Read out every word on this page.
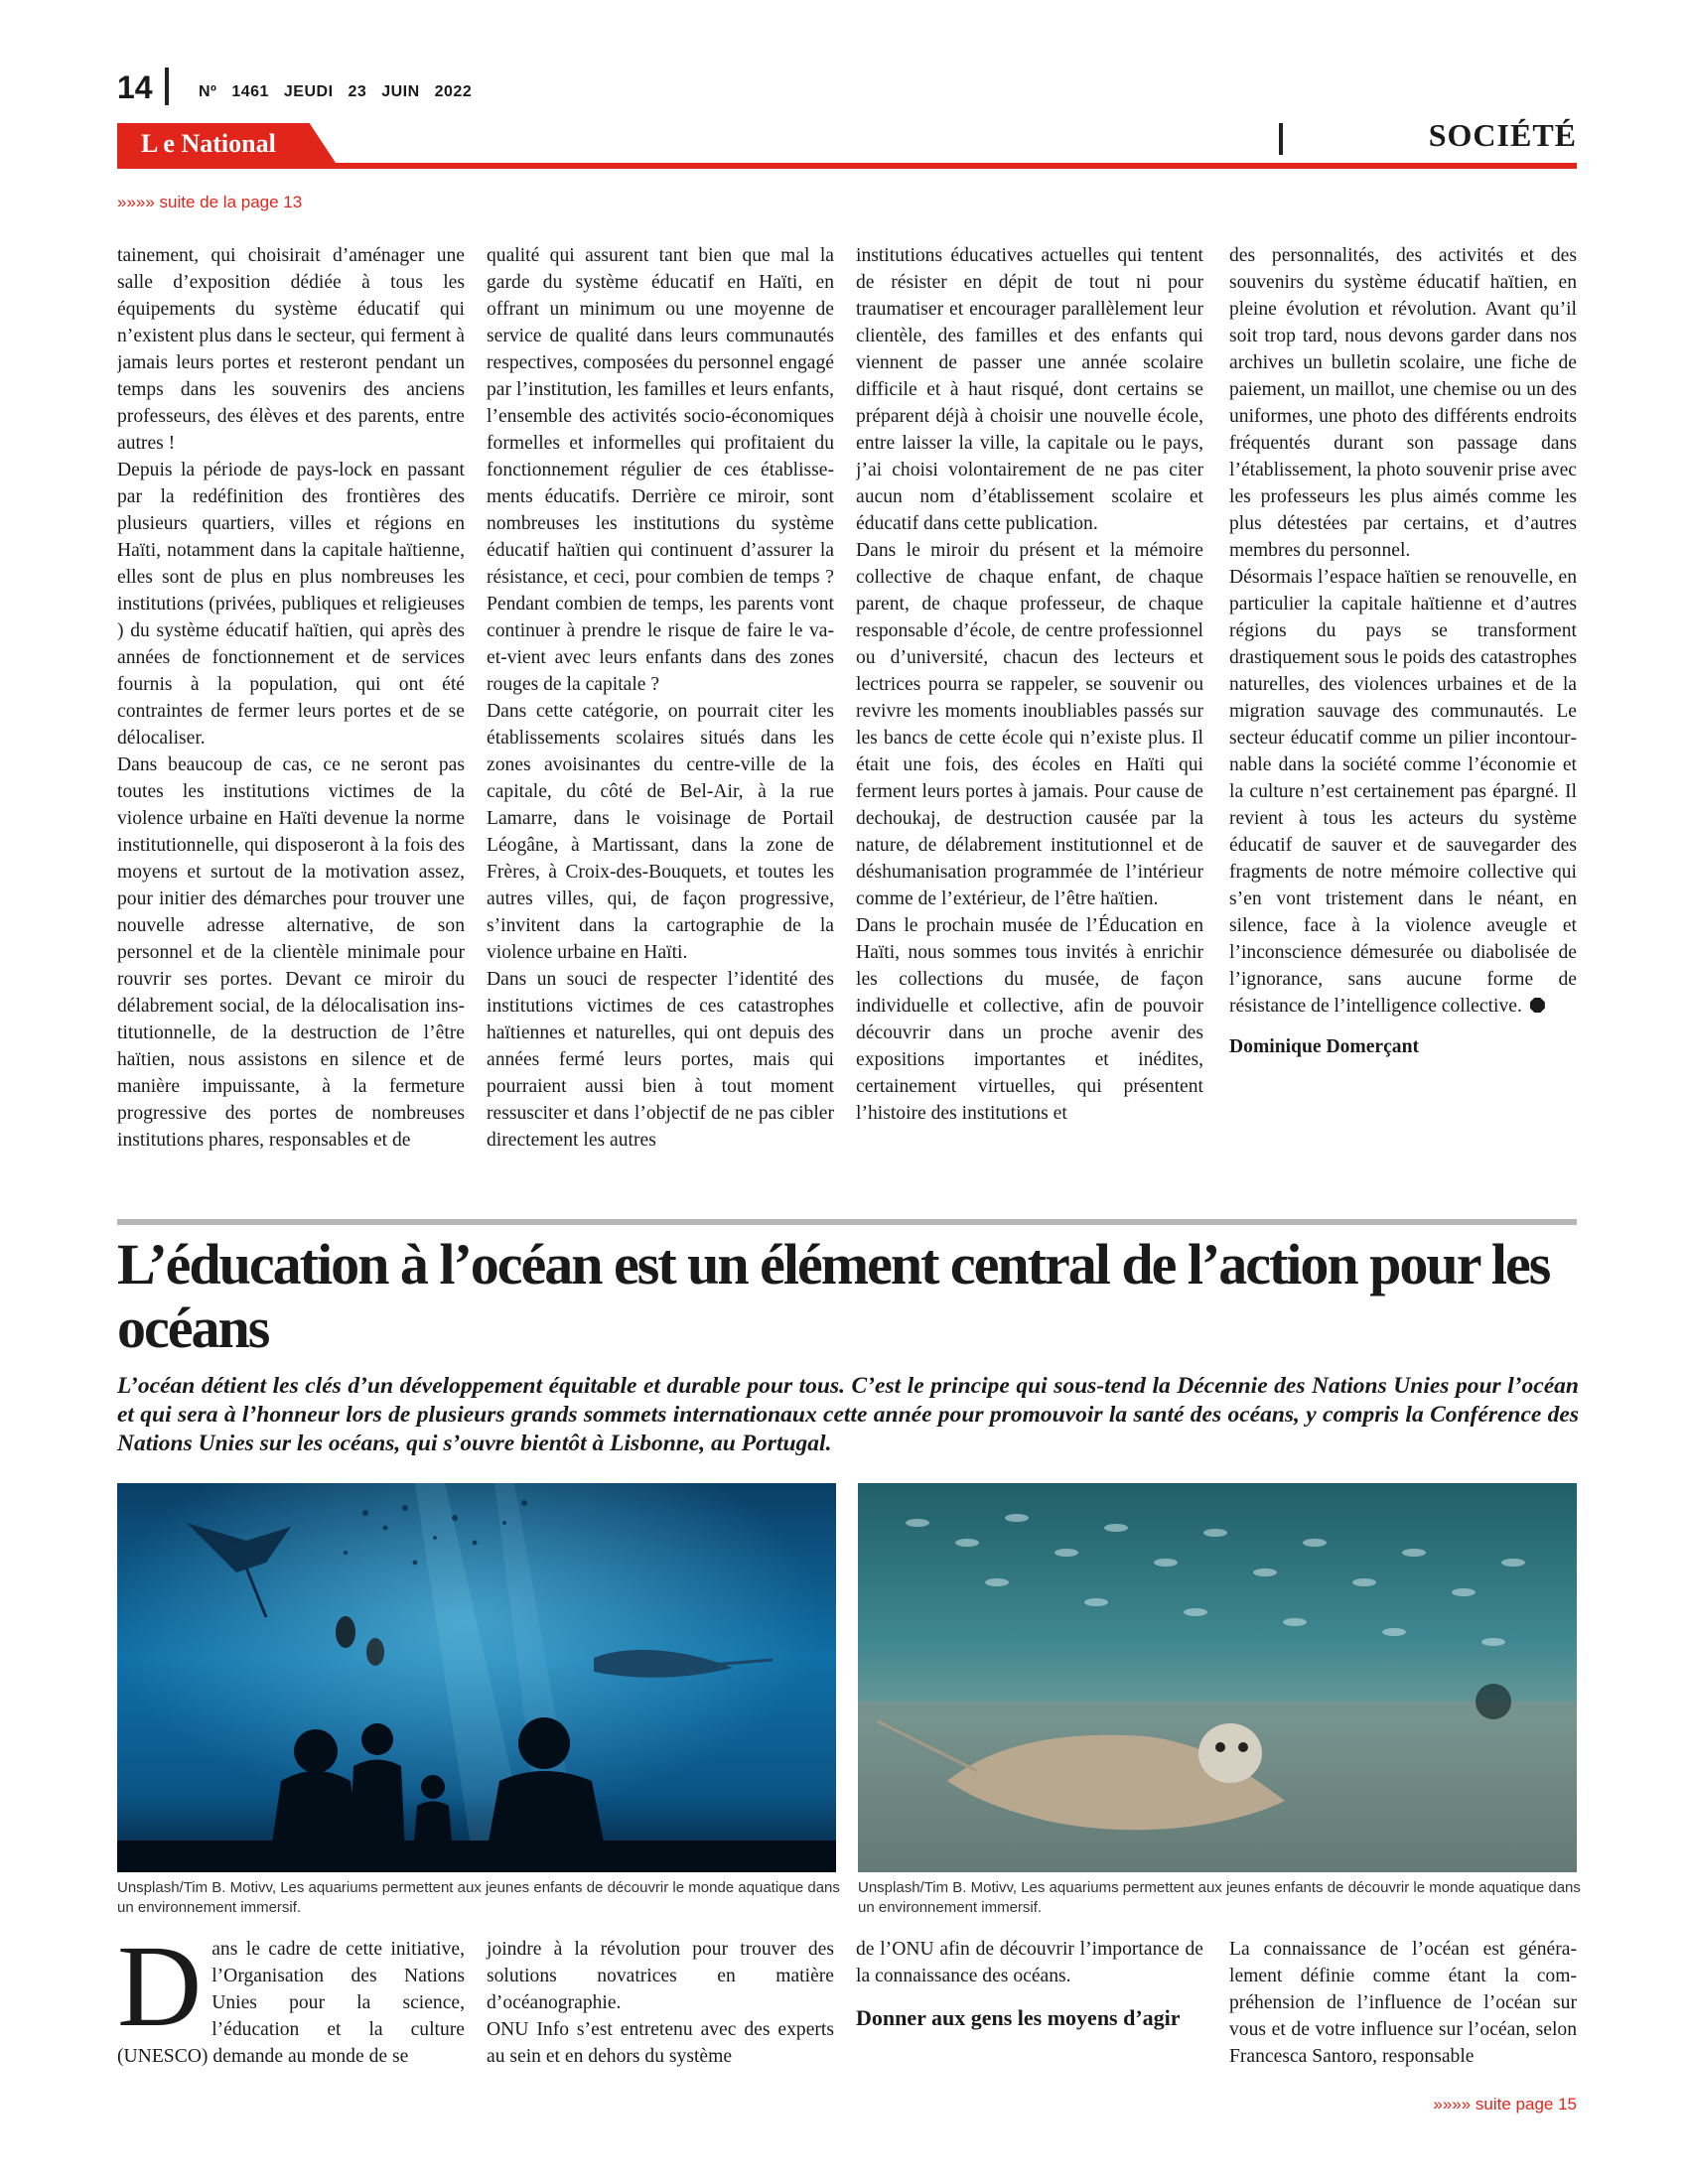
14	Nº 1461 JEUDI 23 JUIN 2022
L e National	SOCIÉTÉ
»»»» suite de la page 13

tainement, qui choisirait d’aménager une salle d’exposition dédiée à tous les équipements du système éducatif qui n’existent plus dans le secteur, qui ferment à jamais leurs portes et resteront pendant un temps dans les souvenirs des anciens professeurs, des élèves et des parents, entre autres !

Depuis la période de pays-lock en passant par la redéfinition des frontières des plusieurs quartiers, villes et régions en Haïti, notamment dans la capitale haïtienne, elles sont de plus en plus nombreuses les institutions (privées, publiques et religieuses ) du système éducatif haïtien, qui après des années de fonctionnement et de services fournis à la population, qui ont été contraintes de fermer leurs portes et de se délocaliser.

Dans beaucoup de cas, ce ne seront pas toutes les institutions victimes de la violence urbaine en Haïti devenue la norme institutionnelle, qui disposeront à la fois des moyens et surtout de la motivation assez, pour initier des démarches pour trouver une nouvelle adresse alternative, de son personnel et de la clientèle minimale pour rouvrir ses portes. Devant ce miroir du délabrement social, de la délocalisation institutionnelle, de la destruction de l’être haïtien, nous assistons en silence et de manière impuissante, à la fermeture progressive des portes de nombreuses institutions phares, responsables et de

qualité qui assurent tant bien que mal la garde du système éducatif en Haïti, en offrant un minimum ou une moyenne de service de qualité dans leurs communautés respectives, composées du personnel engagé par l’institution, les familles et leurs enfants, l’ensemble des activités socio-économiques formelles et informelles qui profitaient du fonctionnement régulier de ces établissements éducatifs. Derrière ce miroir, sont nombreuses les institutions du système éducatif haïtien qui continuent d’assurer la résistance, et ceci, pour combien de temps ? Pendant combien de temps, les parents vont continuer à prendre le risque de faire le va-et-vient avec leurs enfants dans des zones rouges de la capitale ?

Dans cette catégorie, on pourrait citer les établissements scolaires situés dans les zones avoisinantes du centre-ville de la capitale, du côté de Bel-Air, à la rue Lamarre, dans le voisinage de Portail Léogâne, à Martissant, dans la zone de Frères, à Croix-des-Bouquets, et toutes les autres villes, qui, de façon progressive, s’invitent dans la cartographie de la violence urbaine en Haïti.

Dans un souci de respecter l’identité des institutions victimes de ces catastrophes haïtiennes et naturelles, qui ont depuis des années fermé leurs portes, mais qui pourraient aussi bien à tout moment ressusciter et dans l’objectif de ne pas cibler directement les autres

institutions éducatives actuelles qui tentent de résister en dépit de tout ni pour traumatiser et encourager parallèlement leur clientèle, des familles et des enfants qui viennent de passer une année scolaire difficile et à haut risqué, dont certains se préparent déjà à choisir une nouvelle école, entre laisser la ville, la capitale ou le pays, j’ai choisi volontairement de ne pas citer aucun nom d’établissement scolaire et éducatif dans cette publication.

Dans le miroir du présent et la mémoire collective de chaque enfant, de chaque parent, de chaque professeur, de chaque responsable d’école, de centre professionnel ou d’université, chacun des lecteurs et lectrices pourra se rappeler, se souvenir ou revivre les moments inoubliables passés sur les bancs de cette école qui n’existe plus. Il était une fois, des écoles en Haïti qui ferment leurs portes à jamais. Pour cause de dechoukaj, de destruction causée par la nature, de délabrement institutionnel et de déshumanisation programmée de l’intérieur comme de l’extérieur, de l’être haïtien.

Dans le prochain musée de l’Éducation en Haïti, nous sommes tous invités à enrichir les collections du musée, de façon individuelle et collective, afin de pouvoir découvrir dans un proche avenir des expositions importantes et inédites, certainement virtuelles, qui présentent l’histoire des institutions et

des personnalités, des activités et des souvenirs du système éducatif haïtien, en pleine évolution et révolution. Avant qu’il soit trop tard, nous devons garder dans nos archives un bulletin scolaire, une fiche de paiement, un maillot, une chemise ou un des uniformes, une photo des différents endroits fréquentés durant son passage dans l’établissement, la photo souvenir prise avec les professeurs les plus aimés comme les plus détestées par certains, et d’autres membres du personnel.

Désormais l’espace haïtien se renouvelle, en particulier la capitale haïtienne et d’autres régions du pays se transforment drastiquement sous le poids des catastrophes naturelles, des violences urbaines et de la migration sauvage des communautés. Le secteur éducatif comme un pilier incontournable dans la société comme l’économie et la culture n’est certainement pas épargné. Il revient à tous les acteurs du système éducatif de sauver et de sauvegarder des fragments de notre mémoire collective qui s’en vont tristement dans le néant, en silence, face à la violence aveugle et l’inconscience démesurée ou diabolisée de l’ignorance, sans aucune forme de résistance de l’intelligence collective.

Dominique Domerçant

L’éducation à l’océan est un élément central de l’action pour les océans

L’océan détient les clés d’un développement équitable et durable pour tous. C’est le principe qui sous-tend la Décennie des Nations Unies pour l’océan et qui sera à l’honneur lors de plusieurs grands sommets internationaux cette année pour promouvoir la santé des océans, y compris la Conférence des Nations Unies sur les océans, qui s’ouvre bientôt à Lisbonne, au Portugal.

Unsplash/Tim B. Motivv, Les aquariums permettent aux jeunes enfants de découvrir le monde aquatique dans un environnement immersif.

Unsplash/Tim B. Motivv, Les aquariums permettent aux jeunes enfants de découvrir le monde aquatique dans un environnement immersif.

D ans le cadre de cette initiative, l’Organisation des Nations Unies pour la science, l’éducation et la culture (UNESCO) demande au monde de se

joindre à la révolution pour trouver des solutions novatrices en matière d’océanographie.

ONU Info s’est entretenu avec des experts au sein et en dehors du système

de l’ONU afin de découvrir l’importance de la connaissance des océans.

Donner aux gens les moyens d’agir

La connaissance de l’océan est généralement définie comme étant la compréhension de l’influence de l’océan sur vous et de votre influence sur l’océan, selon Francesca Santoro, responsable

»»»» suite page 15
